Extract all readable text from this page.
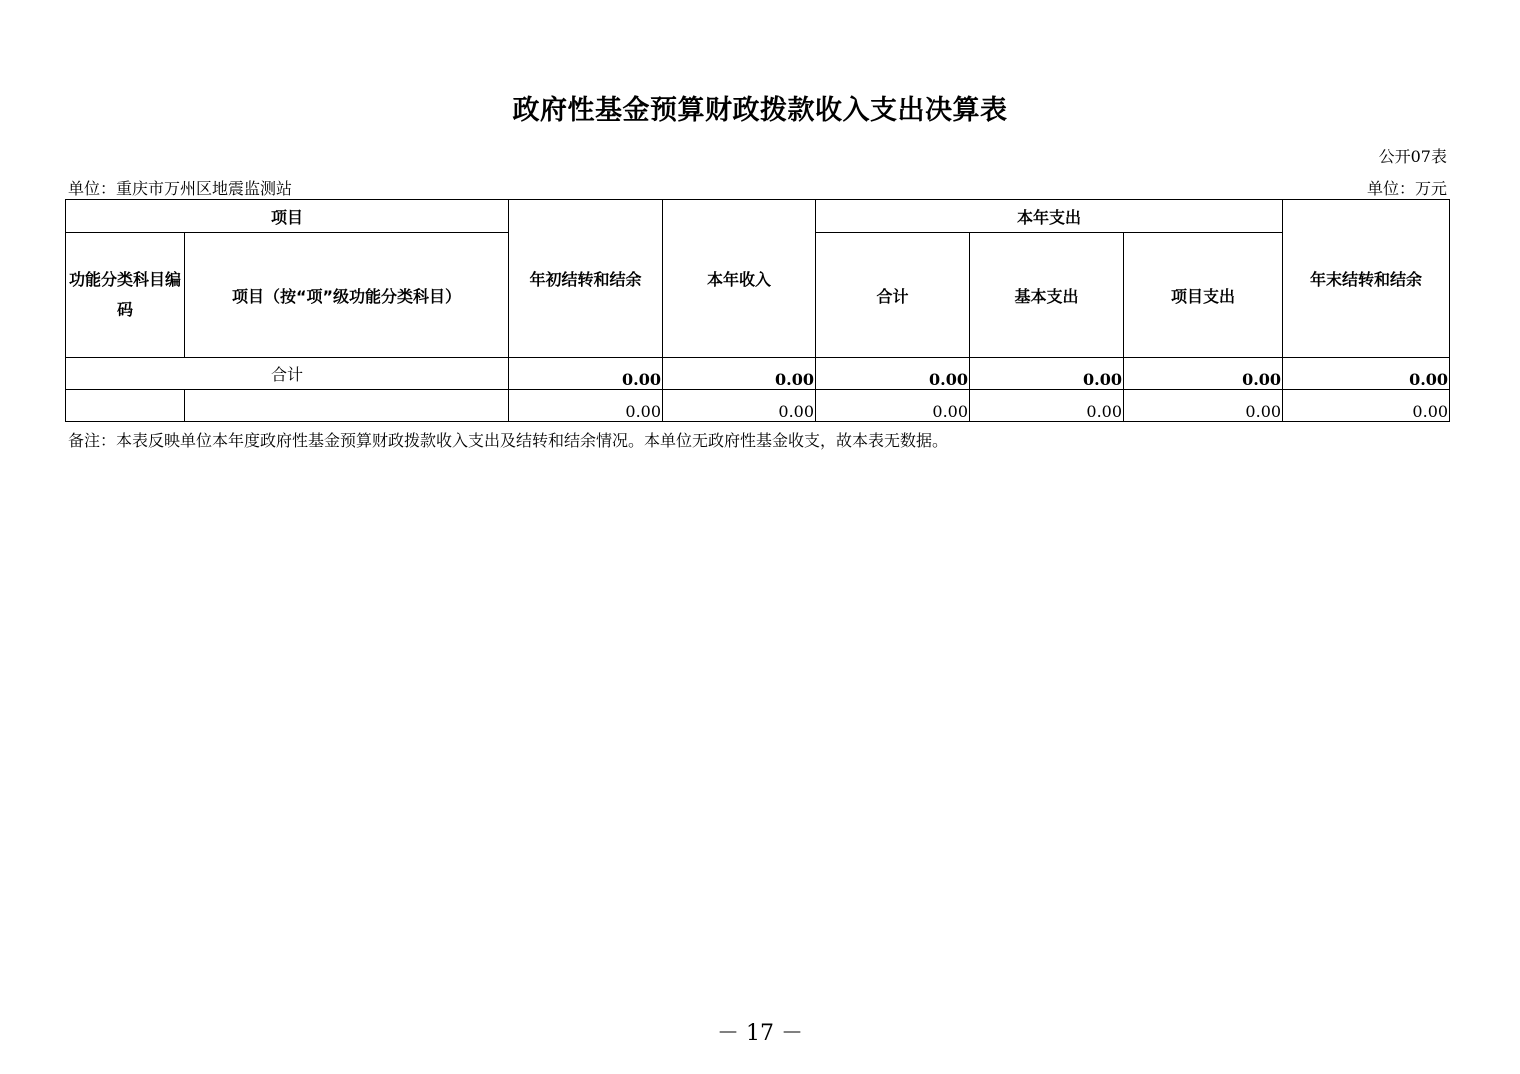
政府性基金预算财政拨款收入支出决算表
公开07表
单位：重庆市万州区地震监测站	单位：万元
项目		年初结转和结余	本年收入	本年支出			年末结转和结余
功能分类科目编码	项目（按“项”级功能分类科目）			合计	基本支出	项目支出	
合计		0.00	0.00	0.00	0.00	0.00	0.00
		0.00	0.00	0.00	0.00	0.00	0.00
备注：本表反映单位本年度政府性基金预算财政拨款收入支出及结转和结余情况。本单位无政府性基金收支，故本表无数据。
－ 17 －
